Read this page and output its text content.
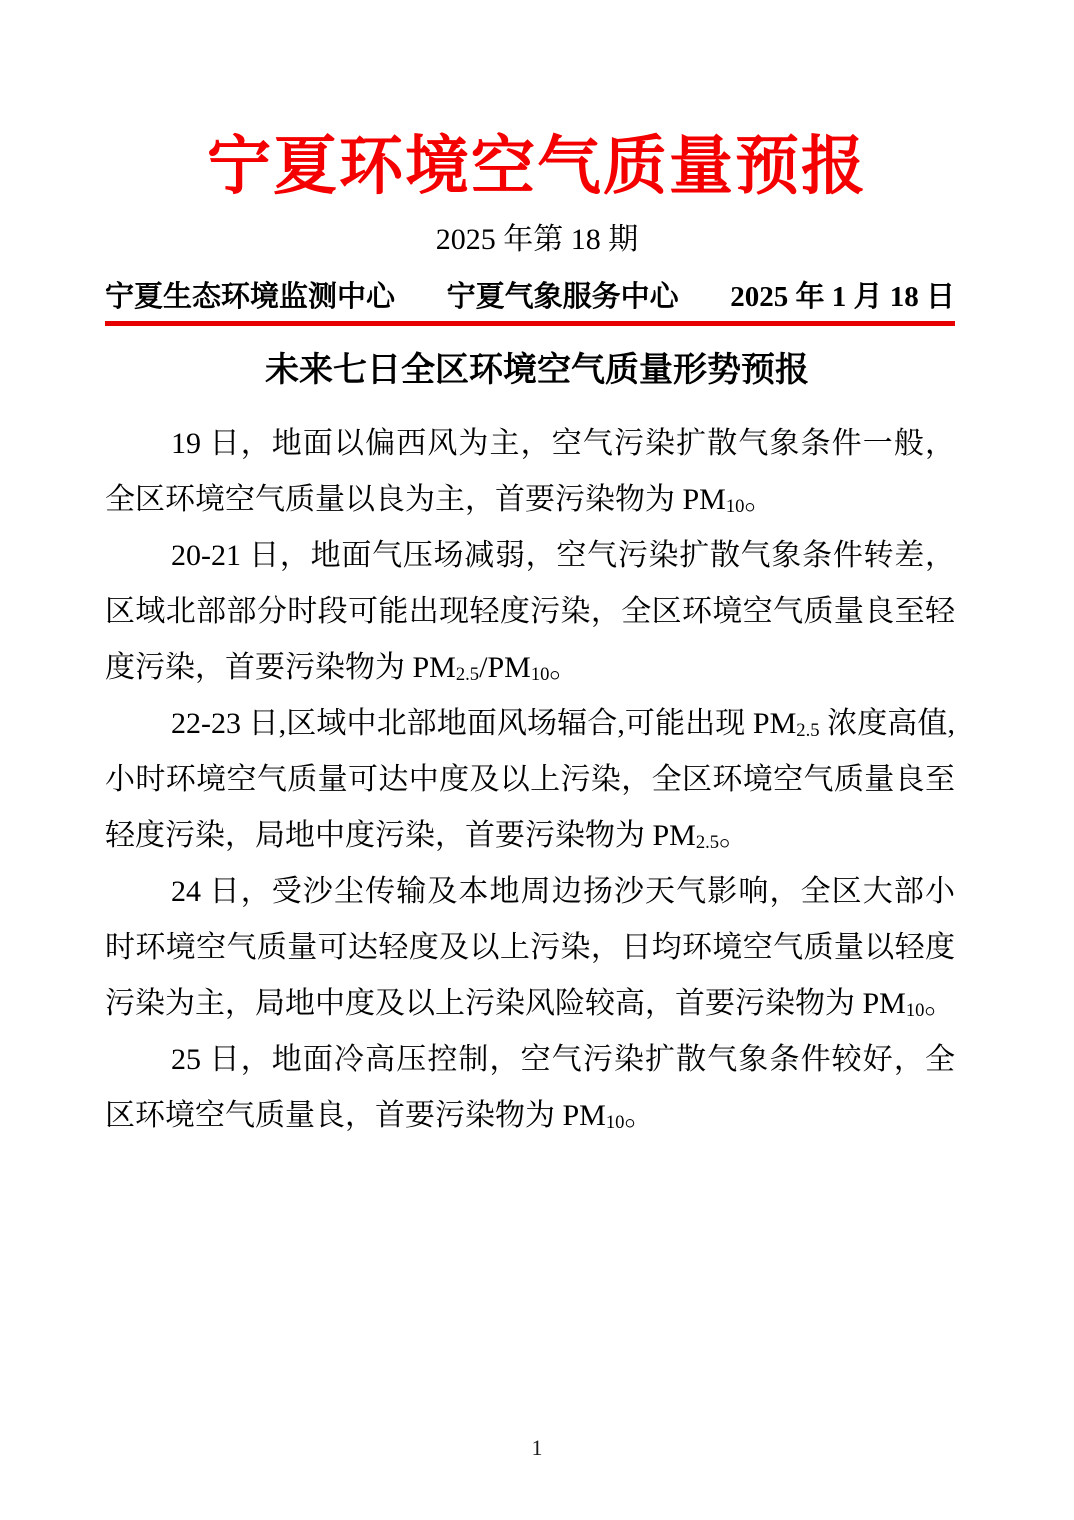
宁夏环境空气质量预报
2025 年第 18 期
宁夏生态环境监测中心 宁夏气象服务中心 2025 年 1 月 18 日
未来七日全区环境空气质量形势预报

19 日，地面以偏西风为主，空气污染扩散气象条件一般，全区环境空气质量以良为主，首要污染物为 $PM_{10}$。

20-21 日，地面气压场减弱，空气污染扩散气象条件转差，区域北部部分时段可能出现轻度污染，全区环境空气质量良至轻度污染，首要污染物为 $PM_{2.5}/PM_{10}$。

22-23 日,区域中北部地面风场辐合,可能出现 $PM_{2.5}$ 浓度高值,小时环境空气质量可达中度及以上污染，全区环境空气质量良至轻度污染，局地中度污染，首要污染物为 $PM_{2.5}$。

24 日，受沙尘传输及本地周边扬沙天气影响，全区大部小时环境空气质量可达轻度及以上污染，日均环境空气质量以轻度污染为主，局地中度及以上污染风险较高，首要污染物为 $PM_{10}$。

25 日，地面冷高压控制，空气污染扩散气象条件较好，全区环境空气质量良，首要污染物为 $PM_{10}$。

1
